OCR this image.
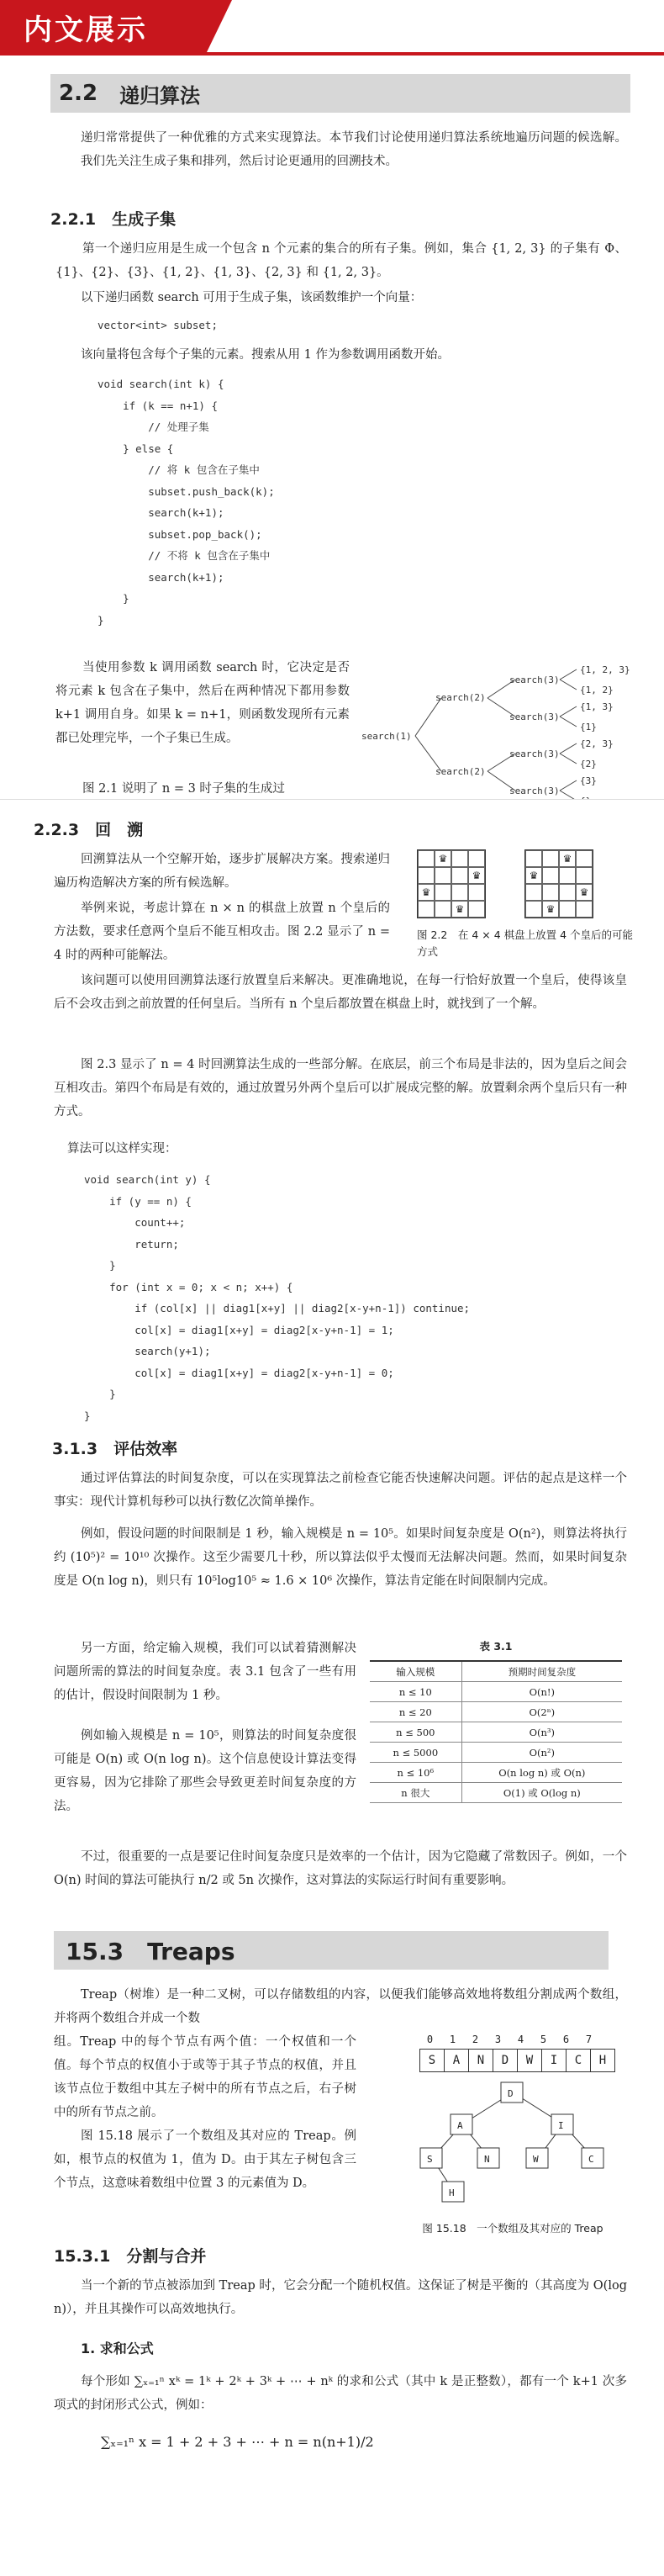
内文展示
2.2 递归算法
递归常常提供了一种优雅的方式来实现算法。本节我们讨论使用递归算法系统地遍历问题的候选解。我们先关注生成子集和排列，然后讨论更通用的回溯技术。
2.2.1　生成子集
第一个递归应用是生成一个包含 n 个元素的集合的所有子集。例如，集合 {1, 2, 3} 的子集有 Φ、{1}、{2}、{3}、{1, 2}、{1, 3}、{2, 3} 和 {1, 2, 3}。
以下递归函数 search 可用于生成子集，该函数维护一个向量：
vector<int> subset;
该向量将包含每个子集的元素。搜索从用 1 作为参数调用函数开始。
void search(int k) {
if (k == n+1) {
// 处理子集
} else {
// 将 k 包含在子集中
subset.push_back(k);
search(k+1);
subset.pop_back();
// 不将 k 包含在子集中
search(k+1);
}
}
当使用参数 k 调用函数 search 时，它决定是否将元素 k 包含在子集中，然后在两种情况下都用参数 k+1 调用自身。如果 k = n+1，则函数发现所有元素都已处理完毕，一个子集已生成。
图 2.1 说明了 n = 3 时子集的生成过
search(1)
search(2)
search(2)
search(3)
search(3)
search(3)
search(3)
{1, 2, 3}
{1, 2}
{1, 3}
{1}
{2, 3}
{2}
{3}
2.2.3　回　溯
回溯算法从一个空解开始，逐步扩展解决方案。搜索递归遍历构造解决方案的所有候选解。
举例来说，考虑计算在 n × n 的棋盘上放置 n 个皇后的方法数，要求任意两个皇后不能互相攻击。图 2.2 显示了 n = 4 时的两种可能解法。
♛
♛
♛
♛
♛
♛
♛
♛
图 2.2　在 4 × 4 棋盘上放置 4 个皇后的可能方式
该问题可以使用回溯算法逐行放置皇后来解决。更准确地说，在每一行恰好放置一个皇后，使得该皇后不会攻击到之前放置的任何皇后。当所有 n 个皇后都放置在棋盘上时，就找到了一个解。
图 2.3 显示了 n = 4 时回溯算法生成的一些部分解。在底层，前三个布局是非法的，因为皇后之间会互相攻击。第四个布局是有效的，通过放置另外两个皇后可以扩展成完整的解。放置剩余两个皇后只有一种方式。
算法可以这样实现：
void search(int y) {
if (y == n) {
count++;
return;
}
for (int x = 0; x < n; x++) {
if (col[x] || diag1[x+y] || diag2[x-y+n-1]) continue;
col[x] = diag1[x+y] = diag2[x-y+n-1] = 1;
search(y+1);
col[x] = diag1[x+y] = diag2[x-y+n-1] = 0;
}
}
3.1.3　评估效率
通过评估算法的时间复杂度，可以在实现算法之前检查它能否快速解决问题。评估的起点是这样一个事实：现代计算机每秒可以执行数亿次简单操作。
例如，假设问题的时间限制是 1 秒，输入规模是 n = 10⁵。如果时间复杂度是 O(n²)，则算法将执行约 (10⁵)² = 10¹⁰ 次操作。这至少需要几十秒，所以算法似乎太慢而无法解决问题。然而，如果时间复杂度是 O(n log n)，则只有 10⁵log10⁵ ≈ 1.6 × 10⁶ 次操作，算法肯定能在时间限制内完成。
另一方面，给定输入规模，我们可以试着猜测解决问题所需的算法的时间复杂度。表 3.1 包含了一些有用的估计，假设时间限制为 1 秒。
例如输入规模是 n = 10⁵，则算法的时间复杂度很可能是 O(n) 或 O(n log n)。这个信息使设计算法变得更容易，因为它排除了那些会导致更差时间复杂度的方法。
表 3.1
输入规模	预期时间复杂度
n ≤ 10	O(n!)
n ≤ 20	O(2ⁿ)
n ≤ 500	O(n³)
n ≤ 5000	O(n²)
n ≤ 10⁶	O(n log n) 或 O(n)
n 很大	O(1) 或 O(log n)
不过，很重要的一点是要记住时间复杂度只是效率的一个估计，因为它隐藏了常数因子。例如，一个 O(n) 时间的算法可能执行 n/2 或 5n 次操作，这对算法的实际运行时间有重要影响。
15.3　Treaps
Treap（树堆）是一种二叉树，可以存储数组的内容，以便我们能够高效地将数组分割成两个数组，并将两个数组合并成一个数
组。Treap 中的每个节点有两个值：一个权值和一个值。每个节点的权值小于或等于其子节点的权值，并且该节点位于数组中其左子树中的所有节点之后，右子树中的所有节点之前。
图 15.18 展示了一个数组及其对应的 Treap。例如，根节点的权值为 1，值为 D。由于其左子树包含三个节点，这意味着数组中位置 3 的元素值为 D。
0	1	2	3	4	5	6	7
S	A	N	D	W	I	C	H
D
A	I
S	N	W	C
H
图 15.18　一个数组及其对应的 Treap
15.3.1　分割与合并
当一个新的节点被添加到 Treap 时，它会分配一个随机权值。这保证了树是平衡的（其高度为 O(log n)），并且其操作可以高效地执行。
1. 求和公式
每个形如 ∑ₓ₌₁ⁿ xᵏ = 1ᵏ + 2ᵏ + 3ᵏ + ⋯ + nᵏ 的求和公式（其中 k 是正整数），都有一个 k+1 次多项式的封闭形式公式，例如：
∑ₓ₌₁ⁿ x = 1 + 2 + 3 + ⋯ + n = n(n+1)/2
